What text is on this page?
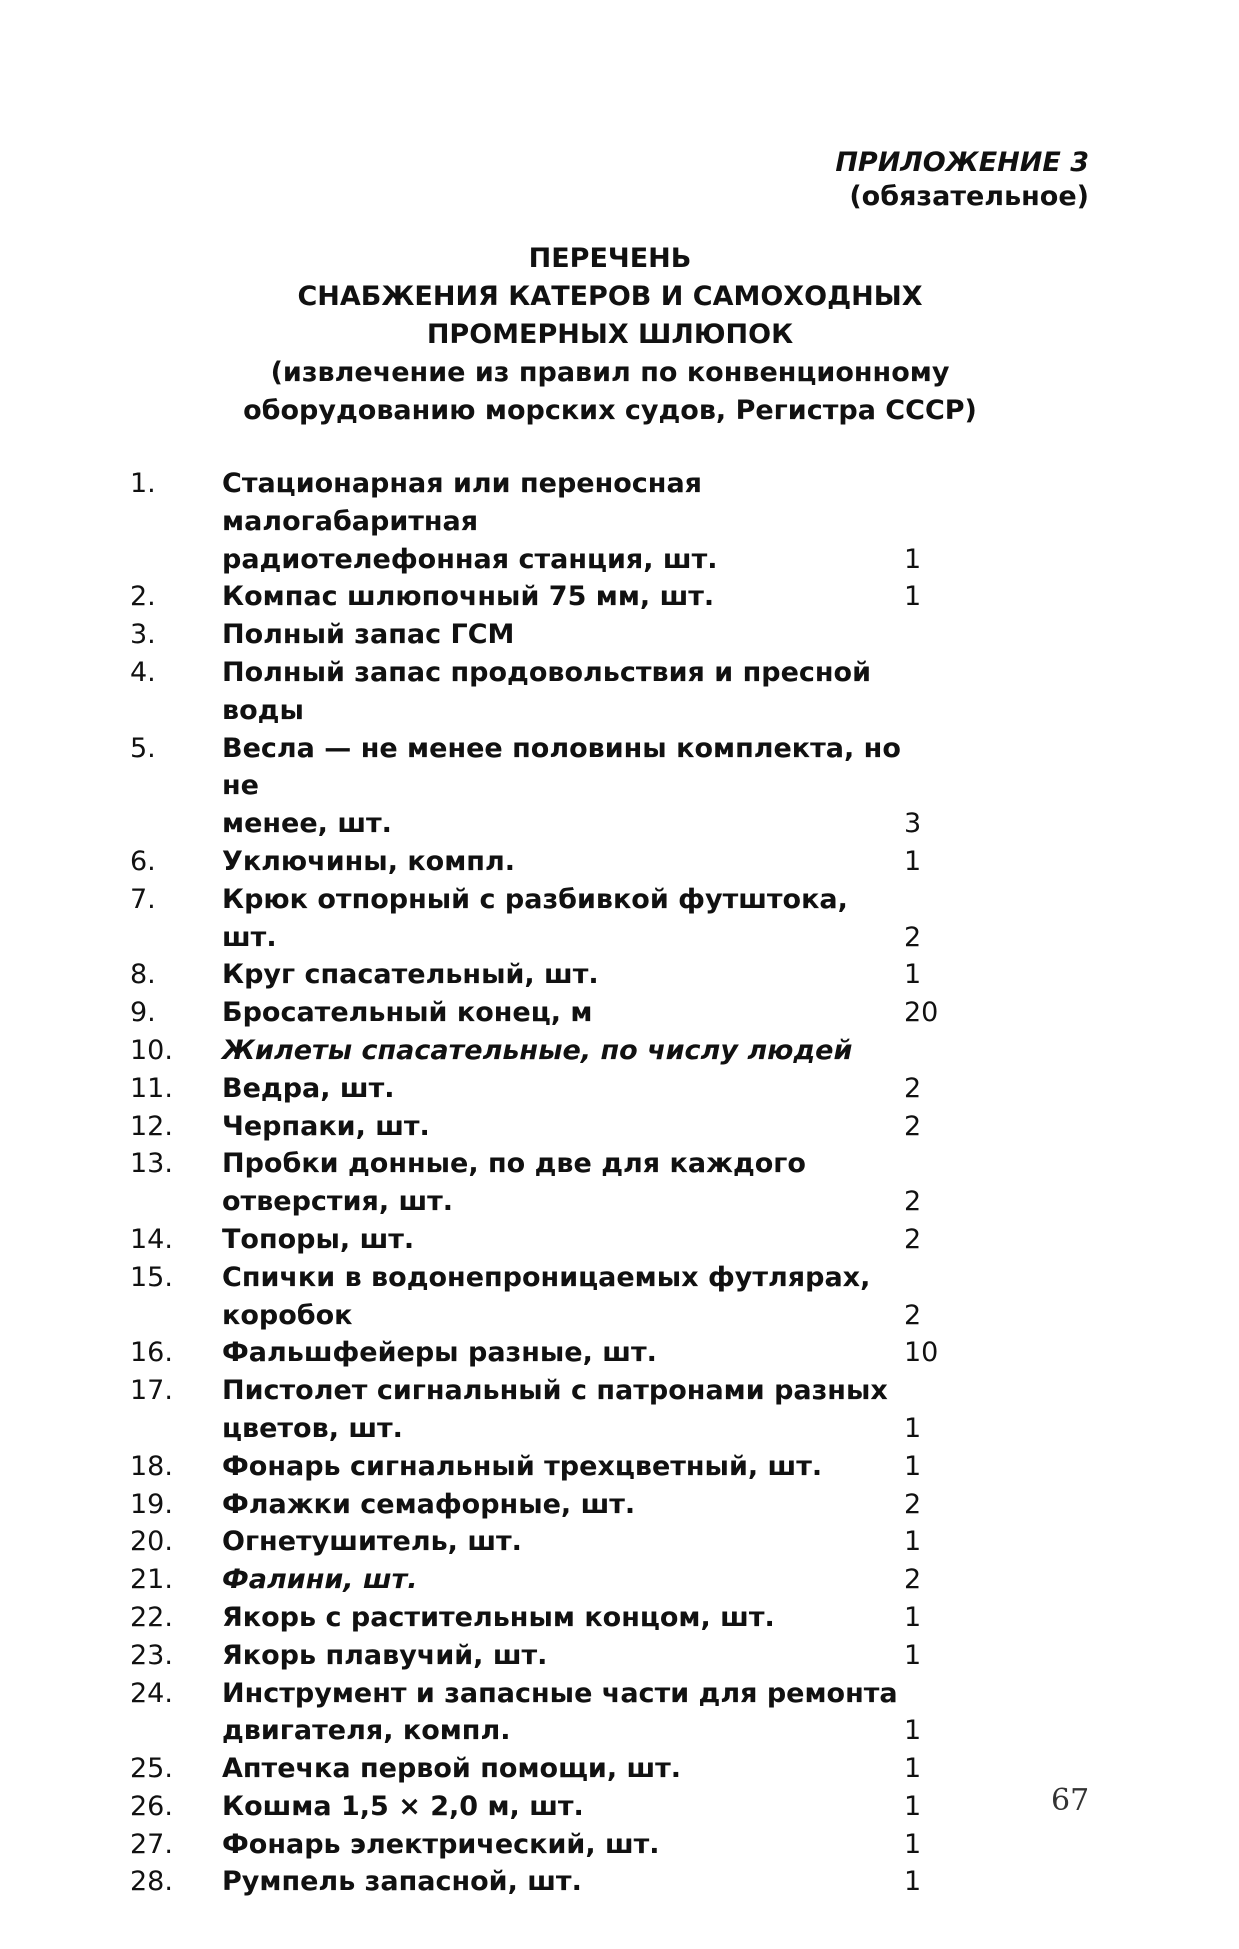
ПРИЛОЖЕНИЕ 3
(обязательное)
ПЕРЕЧЕНЬ
СНАБЖЕНИЯ КАТЕРОВ И САМОХОДНЫХ
ПРОМЕРНЫХ ШЛЮПОК
(извлечение из правил по конвенционному
оборудованию морских судов, Регистра СССР)
1.	Стационарная или переносная малогабаритная
радиотелефонная станция, шт.	1
2.	Компас шлюпочный 75 мм, шт.	1
3.	Полный запас ГСМ
4.	Полный запас продовольствия и пресной воды
5.	Весла — не менее половины комплекта, но не
менее, шт.	3
6.	Уключины, компл.	1
7.	Крюк отпорный с разбивкой футштока, шт.	2
8.	Круг спасательный, шт.	1
9.	Бросательный конец, м	20
10.	Жилеты спасательные, по числу людей
11.	Ведра, шт.	2
12.	Черпаки, шт.	2
13.	Пробки донные, по две для каждого
отверстия, шт.	2
14.	Топоры, шт.	2
15.	Спички в водонепроницаемых футлярах,
коробок	2
16.	Фальшфейеры разные, шт.	10
17.	Пистолет сигнальный с патронами разных
цветов, шт.	1
18.	Фонарь сигнальный трехцветный, шт.	1
19.	Флажки семафорные, шт.	2
20.	Огнетушитель, шт.	1
21.	Фалини, шт.	2
22.	Якорь с растительным концом, шт.	1
23.	Якорь плавучий, шт.	1
24.	Инструмент и запасные части для ремонта
двигателя, компл.	1
25.	Аптечка первой помощи, шт.	1
26.	Кошма 1,5 × 2,0 м, шт.	1
27.	Фонарь электрический, шт.	1
28.	Румпель запасной, шт.	1
67
